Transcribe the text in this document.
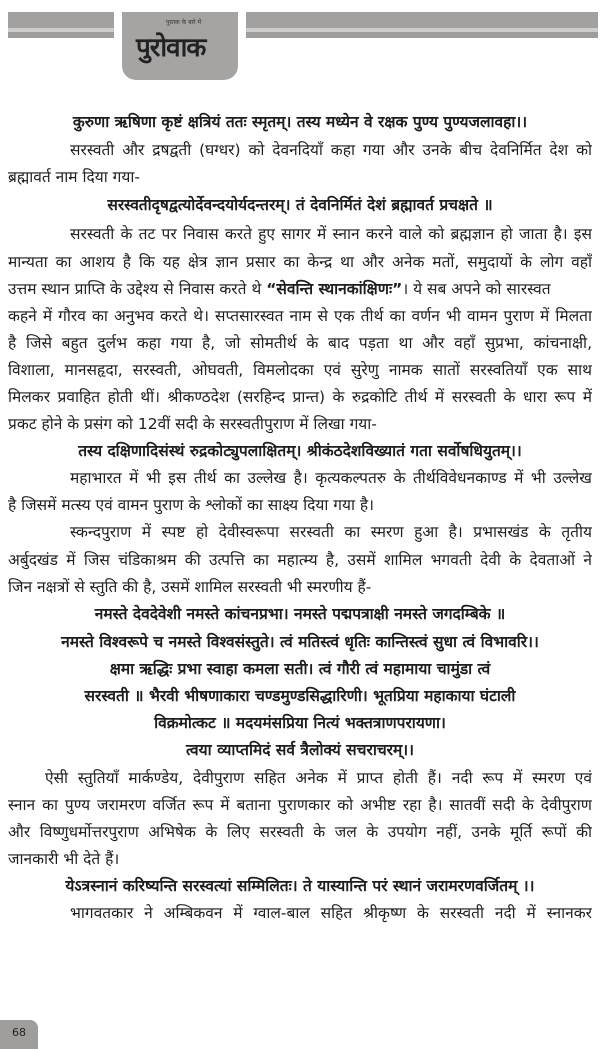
पुस्तक के बारे में
पुरोवाक
कुरुणा ऋषिणा कृष्टं क्षत्रियं ततः स्मृतम्। तस्य मध्येन वे रक्षक पुण्य पुण्यजलावहा।।
सरस्वती और द्रषद्वती (घग्धर) को देवनदियाँ कहा गया और उनके बीच देवनिर्मित देश को
ब्रह्मावर्त नाम दिया गया-
सरस्वतीदृषद्वत्योर्देवन्दयोर्यदन्तरम्। तं देवनिर्मितं देशं ब्रह्मावर्त प्रचक्षते ॥
सरस्वती के तट पर निवास करते हुए सागर में स्नान करने वाले को ब्रह्मज्ञान हो जाता है। इस
मान्यता का आशय है कि यह क्षेत्र ज्ञान प्रसार का केन्द्र था और अनेक मतों, समुदायों के लोग वहाँ
उत्तम स्थान प्राप्ति के उद्देश्य से निवास करते थे “सेवन्ति स्थानकांक्षिणः”। ये सब अपने को सारस्वत
कहने में गौरव का अनुभव करते थे। सप्तसारस्वत नाम से एक तीर्थ का वर्णन भी वामन पुराण में मिलता
है जिसे बहुत दुर्लभ कहा गया है, जो सोमतीर्थ के बाद पड़ता था और वहाँ सुप्रभा, कांचनाक्षी,
विशाला, मानसहृदा, सरस्वती, ओघवती, विमलोदका एवं सुरेणु नामक सातों सरस्वतियाँ एक साथ
मिलकर प्रवाहित होती थीं। श्रीकण्ठदेश (सरहिन्द प्रान्त) के रुद्रकोटि तीर्थ में सरस्वती के धारा रूप में
प्रकट होने के प्रसंग को 12वीं सदी के सरस्वतीपुराण में लिखा गया-
तस्य दक्षिणादिसंस्थं रुद्रकोट्युपलाक्षितम्। श्रीकंठदेशविख्यातं गता सर्वोषधियुतम्।।
महाभारत में भी इस तीर्थ का उल्लेख है। कृत्यकल्पतरु के तीर्थविवेधनकाण्ड में भी उल्लेख
है जिसमें मत्स्य एवं वामन पुराण के श्लोकों का साक्ष्य दिया गया है।
स्कन्दपुराण में स्पष्ट हो देवीस्वरूपा सरस्वती का स्मरण हुआ है। प्रभासखंड के तृतीय
अर्बुदखंड में जिस चंडिकाश्रम की उत्पत्ति का महात्म्य है, उसमें शामिल भगवती देवी के देवताओं ने
जिन नक्षत्रों से स्तुति की है, उसमें शामिल सरस्वती भी स्मरणीय हैं-
नमस्ते देवदेवेशी नमस्ते कांचनप्रभा। नमस्ते पद्मपत्राक्षी नमस्ते जगदम्बिके ॥
नमस्ते विश्वरूपे च नमस्ते विश्वसंस्तुते। त्वं मतिस्त्वं धृतिः कान्तिस्त्वं सुधा त्वं विभावरि।।
क्षमा ऋद्धिः प्रभा स्वाहा कमला सती। त्वं गौरी त्वं महामाया चामुंडा त्वं
सरस्वती ॥ भैरवी भीषणाकारा चण्डमुण्डसिद्धारिणी। भूतप्रिया महाकाया घंटाली
विक्रमोत्कट ॥ मदयमंसप्रिया नित्यं भक्तत्राणपरायणा।
त्वया व्याप्तमिदं सर्व त्रैलोक्यं सचराचरम्।।
ऐसी स्तुतियाँ मार्कण्डेय, देवीपुराण सहित अनेक में प्राप्त होती हैं। नदी रूप में स्मरण एवं
स्नान का पुण्य जरामरण वर्जित रूप में बताना पुराणकार को अभीष्ट रहा है। सातवीं सदी के देवीपुराण
और विष्णुधर्मोत्तरपुराण अभिषेक के लिए सरस्वती के जल के उपयोग नहीं, उनके मूर्ति रूपों की
जानकारी भी देते हैं।
येऽत्रस्नानं करिष्यन्ति सरस्वत्यां सम्मिलितः। ते यास्यान्ति परं स्थानं जरामरणवर्जितम् ।।
भागवतकार ने अम्बिकवन में ग्वाल-बाल सहित श्रीकृष्ण के सरस्वती नदी में स्नानकर
68
